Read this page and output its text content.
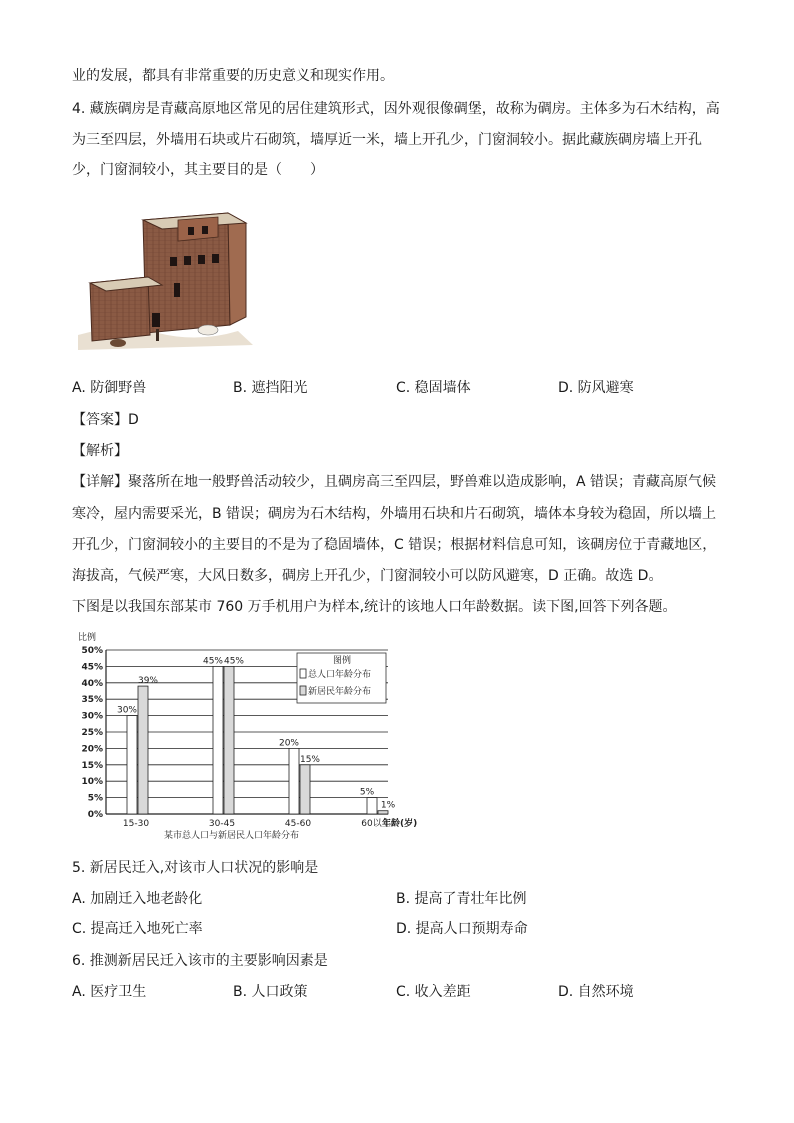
业的发展，都具有非常重要的历史意义和现实作用。
4. 藏族碉房是青藏高原地区常见的居住建筑形式，因外观很像碉堡，故称为碉房。主体多为石木结构，高
为三至四层，外墙用石块或片石砌筑，墙厚近一米，墙上开孔少，门窗洞较小。据此藏族碉房墙上开孔
少，门窗洞较小，其主要目的是（　　）
A. 防御野兽	B. 遮挡阳光	C. 稳固墙体	D. 防风避寒
【答案】D
【解析】
【详解】聚落所在地一般野兽活动较少，且碉房高三至四层，野兽难以造成影响，A 错误；青藏高原气候
寒冷，屋内需要采光，B 错误；碉房为石木结构，外墙用石块和片石砌筑，墙体本身较为稳固，所以墙上
开孔少，门窗洞较小的主要目的不是为了稳固墙体，C 错误；根据材料信息可知，该碉房位于青藏地区，
海拔高，气候严寒，大风日数多，碉房上开孔少，门窗洞较小可以防风避寒，D 正确。故选 D。
下图是以我国东部某市 760 万手机用户为样本,统计的该地人口年龄数据。读下图,回答下列各题。
比例
0%
5%
10%
15%
20%
25%
30%
35%
40%
45%
50%
30%
39%
45% 45%
20%
15%
5%
1%
15-30	30-45	45-60	60以上
年龄(岁)
某市总人口与新居民人口年龄分布
图例
总人口年龄分布
新居民年龄分布
5. 新居民迁入,对该市人口状况的影响是
A. 加剧迁入地老龄化	B. 提高了青壮年比例
C. 提高迁入地死亡率	D. 提高人口预期寿命
6. 推测新居民迁入该市的主要影响因素是
A. 医疗卫生	B. 人口政策	C. 收入差距	D. 自然环境
